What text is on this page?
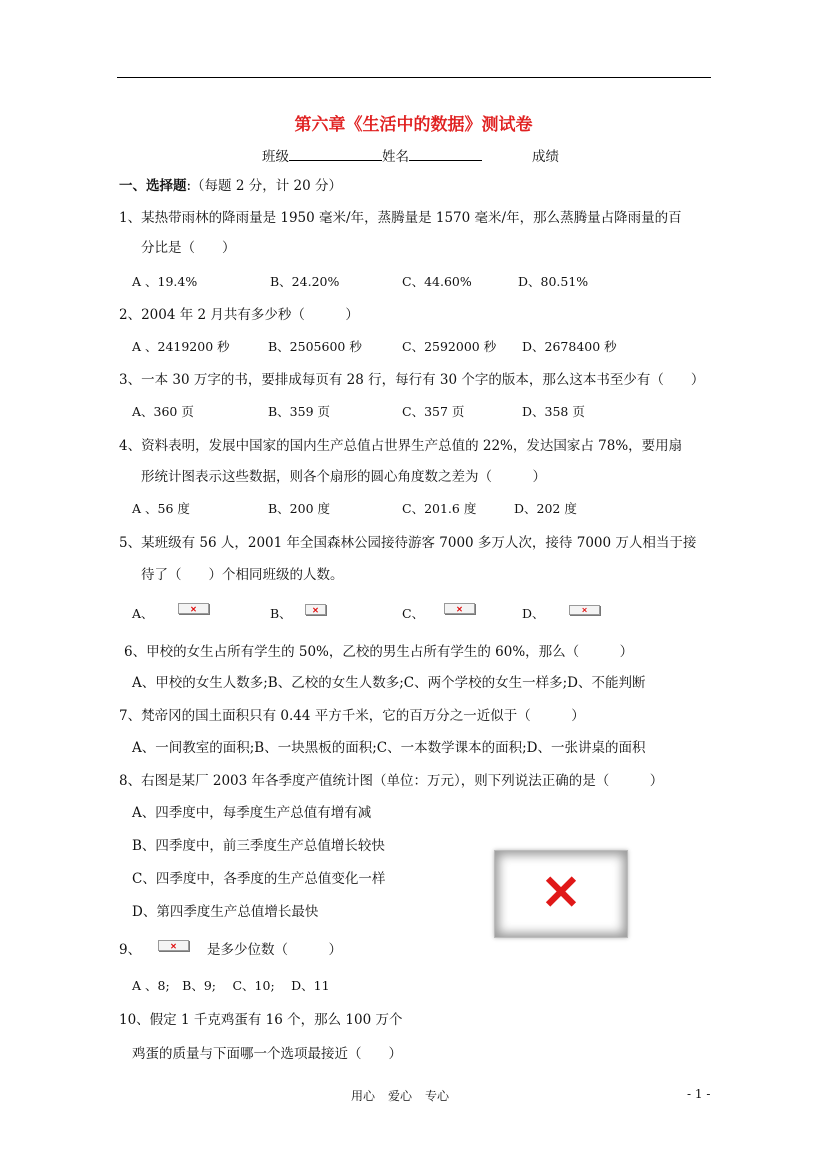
第六章《生活中的数据》测试卷
班级	姓名	成绩
一、选择题:（每题 2 分，计 20 分）
1、某热带雨林的降雨量是 1950 毫米/年，蒸腾量是 1570 毫米/年，那么蒸腾量占降雨量的百
分比是（　　）
A 、19.4%	B、24.20%	C、44.60%	D、80.51%
2、2004 年 2 月共有多少秒（　　　）
A 、2419200 秒	B、2505600 秒	C、2592000 秒 D、2678400 秒
3、一本 30 万字的书，要排成每页有 28 行，每行有 30 个字的版本，那么这本书至少有（　　）
A、360 页	B、359 页	C、357 页	D、358 页
4、资料表明，发展中国家的国内生产总值占世界生产总值的 22%，发达国家占 78%，要用扇
形统计图表示这些数据，则各个扇形的圆心角度数之差为（　　　）
A 、56 度	B、200 度	C、201.6 度	D、202 度
5、某班级有 56 人，2001 年全国森林公园接待游客 7000 多万人次，接待 7000 万人相当于接
待了（　　）个相同班级的人数。
A、	✕	B、	✕	C、	✕	D、	✕
6、甲校的女生占所有学生的 50%，乙校的男生占所有学生的 60%，那么（　　　）
A、甲校的女生人数多;B、乙校的女生人数多;C、两个学校的女生一样多;D、不能判断
7、梵帝冈的国土面积只有 0.44 平方千米，它的百万分之一近似于（　　　）
A、一间教室的面积;B、一块黑板的面积;C、一本数学课本的面积;D、一张讲桌的面积
8、右图是某厂 2003 年各季度产值统计图（单位：万元），则下列说法正确的是（　　　）
A、四季度中，每季度生产总值有增有减
B、四季度中，前三季度生产总值增长较快
C、四季度中，各季度的生产总值变化一样
D、第四季度生产总值增长最快	✕
9、	✕	是多少位数（　　　）
A 、8;　B、9;　 C、10;　 D、11
10、假定 1 千克鸡蛋有 16 个，那么 100 万个
鸡蛋的质量与下面哪一个选项最接近（　　）
用心 爱心 专心	- 1 -
